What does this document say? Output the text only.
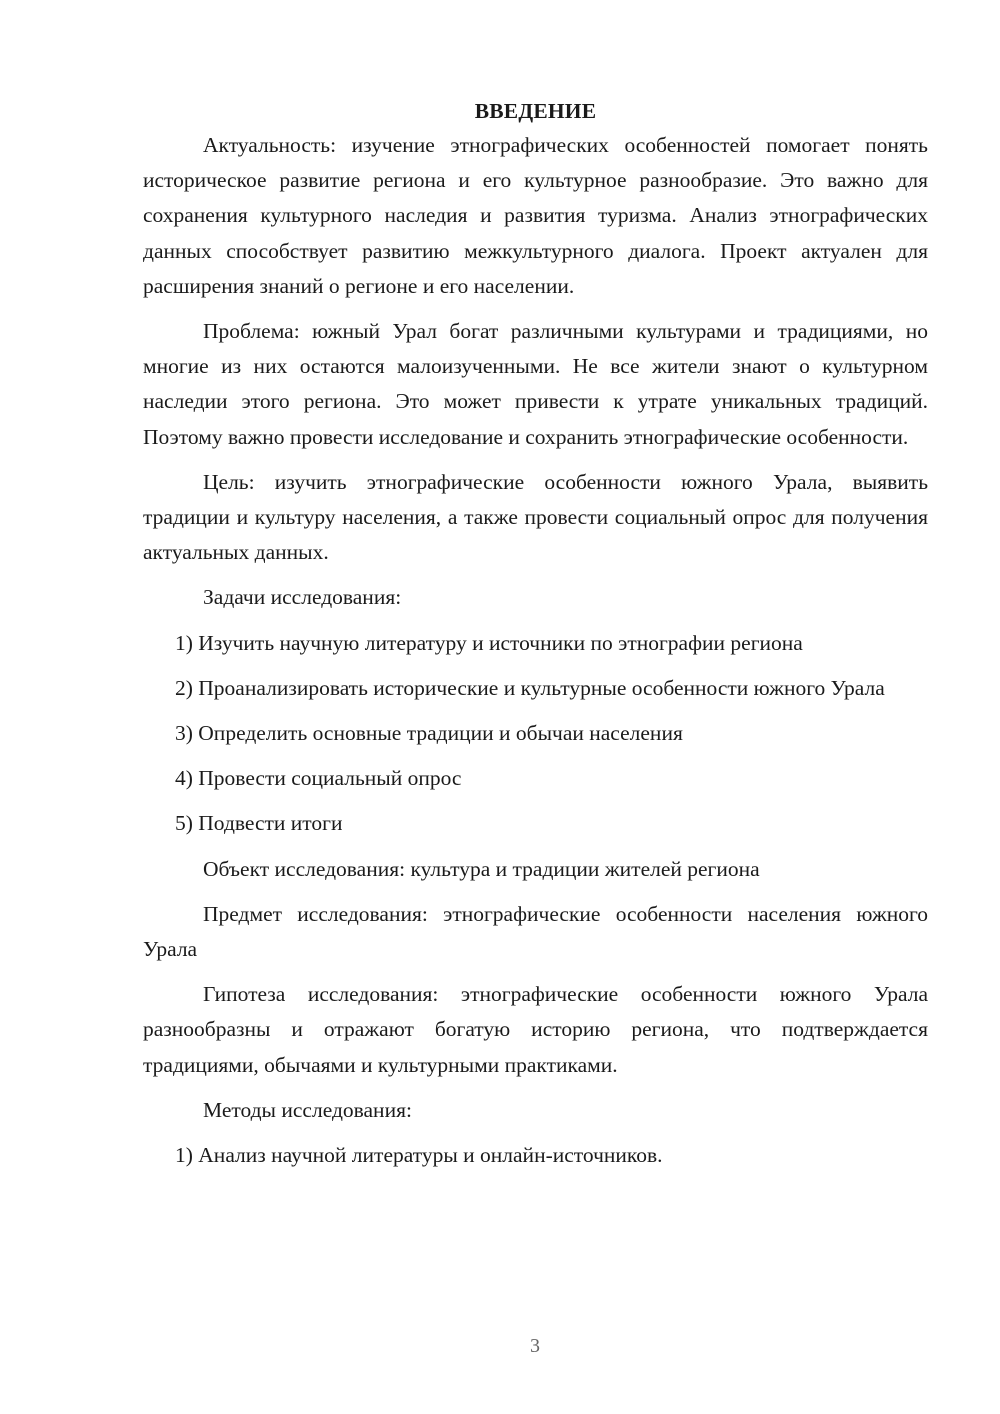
ВВЕДЕНИЕ

Актуальность: изучение этнографических особенностей помогает понять историческое развитие региона и его культурное разнообразие. Это важно для сохранения культурного наследия и развития туризма. Анализ этнографических данных способствует развитию межкультурного диалога. Проект актуален для расширения знаний о регионе и его населении.

Проблема: южный Урал богат различными культурами и традициями, но многие из них остаются малоизученными. Не все жители знают о культурном наследии этого региона. Это может привести к утрате уникальных традиций. Поэтому важно провести исследование и сохранить этнографические особенности.

Цель: изучить этнографические особенности южного Урала, выявить традиции и культуру населения, а также провести социальный опрос для получения актуальных данных.

Задачи исследования:

1) Изучить научную литературу и источники по этнографии региона

2) Проанализировать исторические и культурные особенности южного Урала

3) Определить основные традиции и обычаи населения

4) Провести социальный опрос

5) Подвести итоги

Объект исследования: культура и традиции жителей региона

Предмет исследования: этнографические особенности населения южного Урала

Гипотеза исследования: этнографические особенности южного Урала разнообразны и отражают богатую историю региона, что подтверждается традициями, обычаями и культурными практиками.

Методы исследования:

1) Анализ научной литературы и онлайн-источников.

3
